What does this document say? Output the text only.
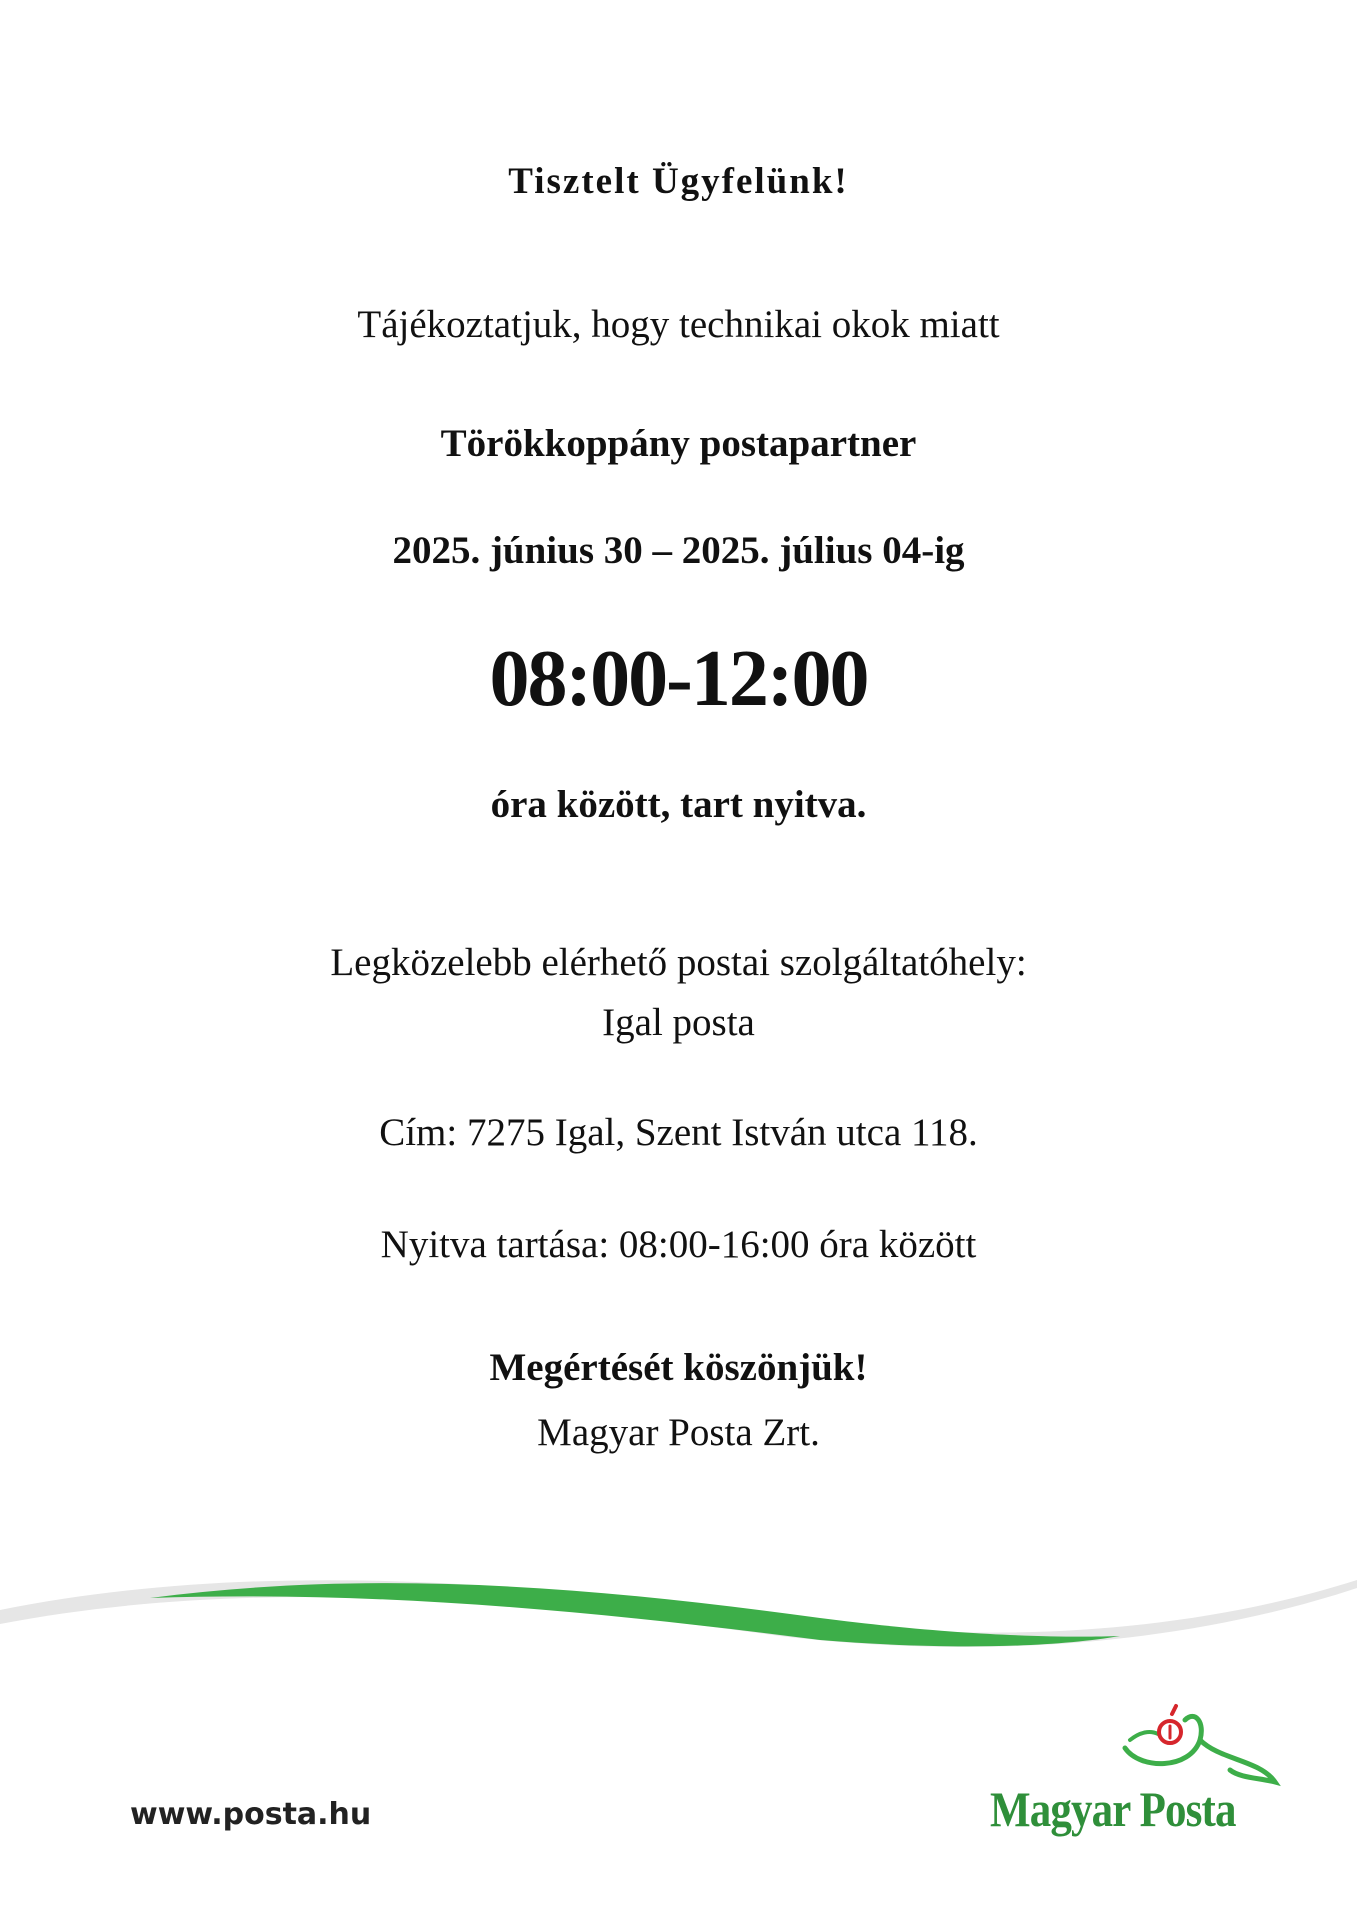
Tisztelt Ügyfelünk!
Tájékoztatjuk, hogy technikai okok miatt
Törökkoppány postapartner
2025. június 30 – 2025. július 04-ig
08:00-12:00
óra között, tart nyitva.
Legközelebb elérhető postai szolgáltatóhely:
Igal posta
Cím: 7275 Igal, Szent István utca 118.
Nyitva tartása: 08:00-16:00 óra között
Megértését köszönjük!
Magyar Posta Zrt.
www.posta.hu	Magyar Posta
